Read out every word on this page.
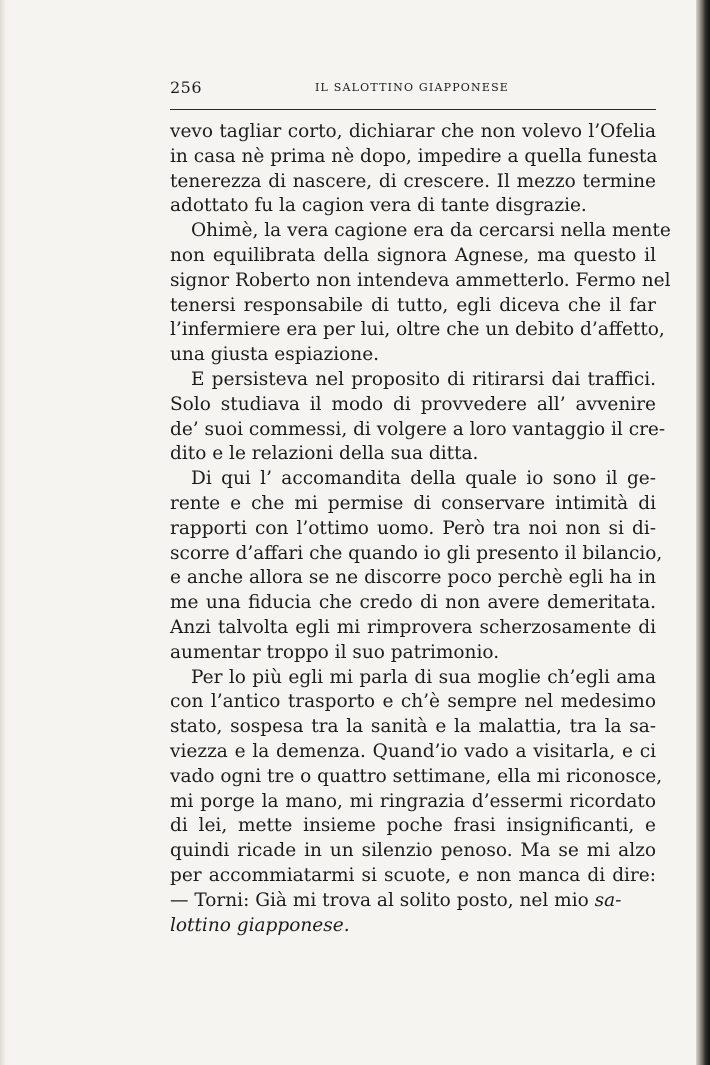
256	IL SALOTTINO GIAPPONESE
vevo tagliar corto, dichiarar che non volevo l’Ofelia
in casa nè prima nè dopo, impedire a quella funesta
tenerezza di nascere, di crescere. Il mezzo termine
adottato fu la cagion vera di tante disgrazie.
Ohimè, la vera cagione era da cercarsi nella mente
non equilibrata della signora Agnese, ma questo il
signor Roberto non intendeva ammetterlo. Fermo nel
tenersi responsabile di tutto, egli diceva che il far
l’infermiere era per lui, oltre che un debito d’affetto,
una giusta espiazione.
E persisteva nel proposito di ritirarsi dai traffici.
Solo studiava il modo di provvedere all’ avvenire
de’ suoi commessi, di volgere a loro vantaggio il cre-
dito e le relazioni della sua ditta.
Di qui l’ accomandita della quale io sono il ge-
rente e che mi permise di conservare intimità di
rapporti con l’ottimo uomo. Però tra noi non si di-
scorre d’affari che quando io gli presento il bilancio,
e anche allora se ne discorre poco perchè egli ha in
me una fiducia che credo di non avere demeritata.
Anzi talvolta egli mi rimprovera scherzosamente di
aumentar troppo il suo patrimonio.
Per lo più egli mi parla di sua moglie ch’egli ama
con l’antico trasporto e ch’è sempre nel medesimo
stato, sospesa tra la sanità e la malattia, tra la sa-
viezza e la demenza. Quand’io vado a visitarla, e ci
vado ogni tre o quattro settimane, ella mi riconosce,
mi porge la mano, mi ringrazia d’essermi ricordato
di lei, mette insieme poche frasi insignificanti, e
quindi ricade in un silenzio penoso. Ma se mi alzo
per accommiatarmi si scuote, e non manca di dire:
— Torni: Già mi trova al solito posto, nel mio sa-
lottino giapponese.
